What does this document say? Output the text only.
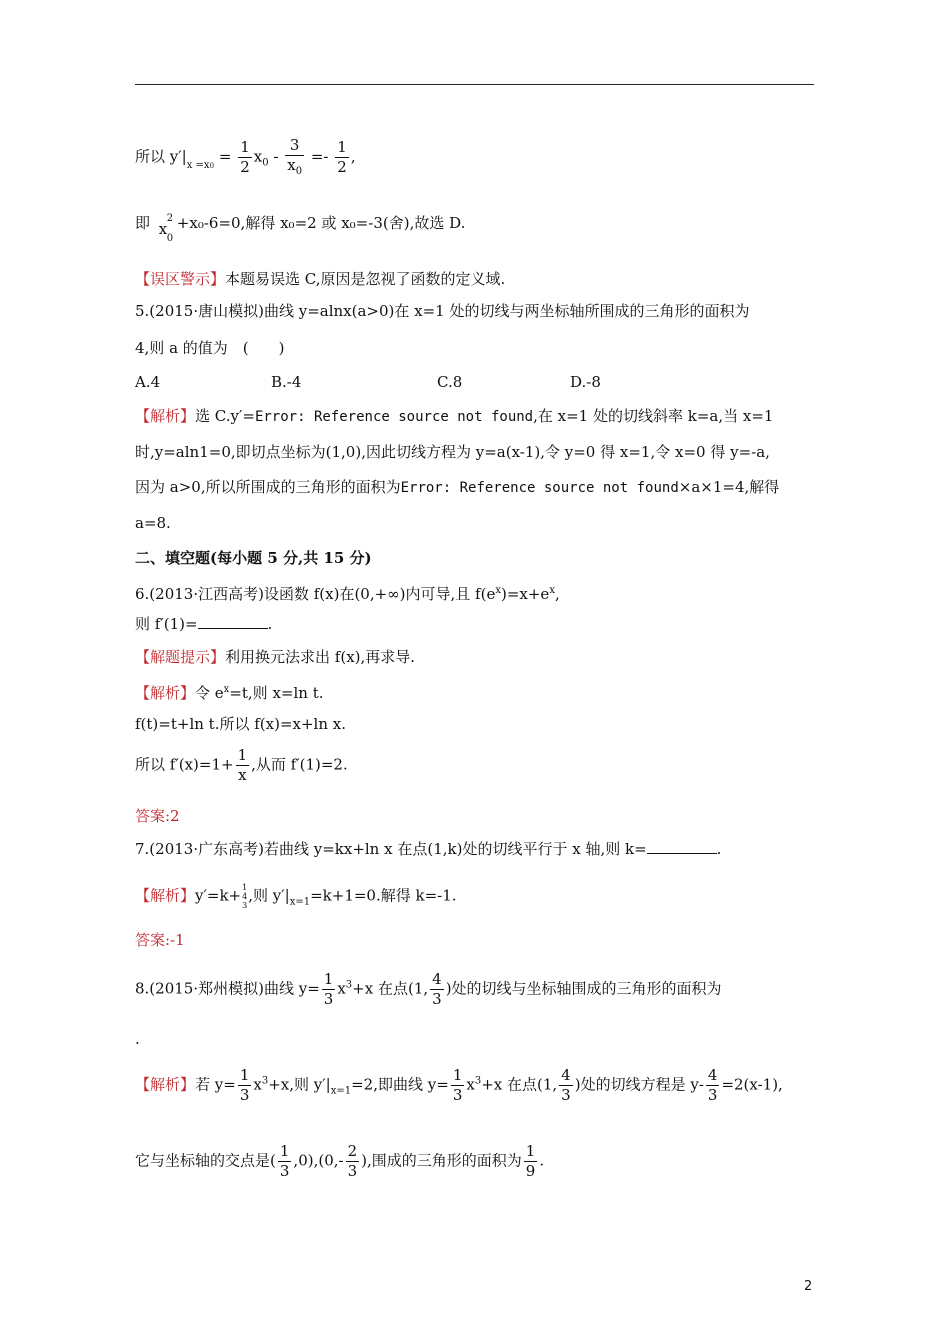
所以 $y'|_{x =x0} = \frac{1}{2} x_0 - \frac{3}{x_0} =- \frac{1}{2}$ ,
即 x
2
0
+x₀-6=0,解得 x₀=2 或 x₀=-3(舍),故选 D.
【误区警示】本题易误选 C,原因是忽视了函数的定义域.
5.(2015·唐山模拟)曲线 y=alnx(a>0)在 x=1 处的切线与两坐标轴所围成的三角形的面积为
4,则 a 的值为　(　　)
A.4	B.-4	C.8	D.-8
【解析】选 C.y′=Error: Reference source not found,在 x=1 处的切线斜率 k=a,当 x=1
时,y=aln1=0,即切点坐标为(1,0),因此切线方程为 y=a(x-1),令 y=0 得 x=1,令 x=0 得 y=-a,
因为 a>0,所以所围成的三角形的面积为Error: Reference source not found×a×1=4,解得
a=8.
二、填空题(每小题 5 分,共 15 分)
6.(2013·江西高考)设函数 f(x)在(0,+∞)内可导,且 $f(e^x)=x+e^x$,
则 f′(1)=	.
【解题提示】利用换元法求出 f(x),再求导.
【解析】令 $e^x=t$,则 x=ln t.
f(t)=t+ln t.所以 f(x)=x+ln x.
所以 $f'(x)=1+ \frac{1}{x}$ ,从而 f′(1)=2.
答案:2
7.(2013·广东高考)若曲线 y=kx+ln x 在点(1,k)处的切线平行于 x 轴,则 k=	.
【解析】y′=k+ 1
4
3
,则 $y'|_{x=1}=k+1=0$.解得 k=-1.
答案:-1
8.(2015·郑州模拟)曲线 $y= \frac{1}{3} x^3+x$ 在点(1, $\frac{4}{3}$ )处的切线与坐标轴围成的三角形的面积为
.
【解析】若 $y= \frac{1}{3} x^3+x$,则 $y'|_{x=1}=2$,即曲线 $y= \frac{1}{3} x^3+x$ 在点(1, $\frac{4}{3}$ )处的切线方程是 $y- \frac{4}{3} =2(x-1)$,
它与坐标轴的交点是( $\frac{1}{3} ,0),(0,- \frac{2}{3}$ ),围成的三角形的面积为 $\frac{1}{9}$ .
2
